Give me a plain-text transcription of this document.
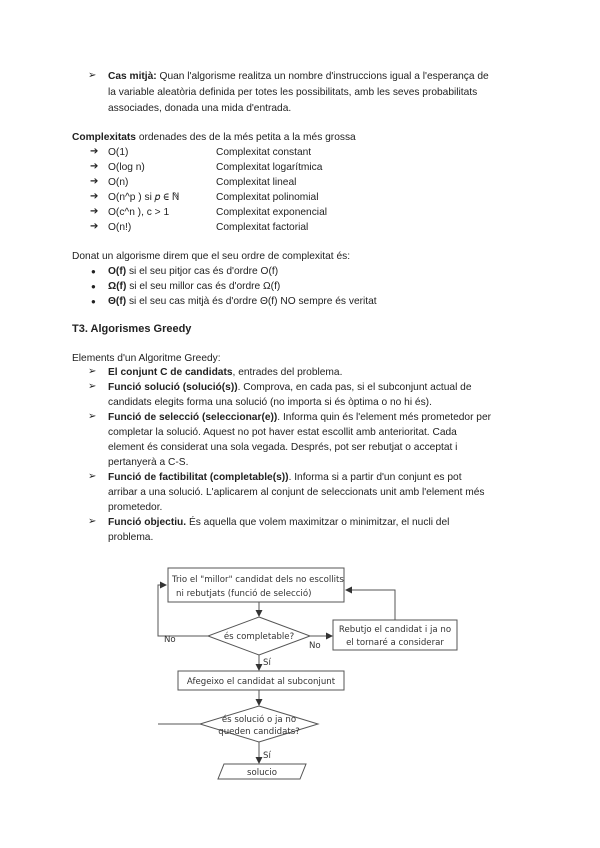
➢ Cas mitjà: Quan l'algorisme realitza un nombre d'instruccions igual a l'esperança de
la variable aleatòria definida per totes les possibilitats, amb les seves probabilitats
associades, donada una mida d'entrada.
Complexitats ordenades des de la més petita a la més grossa
➔ O(1)	Complexitat constant
➔ O(log n)	Complexitat logarítmica
➔ O(n)	Complexitat lineal
➔ O(n^p ) si 𝑝 ∈ ℕ	Complexitat polinomial
➔ O(c^n ), c > 1	Complexitat exponencial
➔ O(n!)	Complexitat factorial
Donat un algorisme direm que el seu ordre de complexitat és:
● O(f) si el seu pitjor cas és d'ordre O(f)
● Ω(f) si el seu millor cas és d'ordre Ω(f)
● Θ(f) si el seu cas mitjà és d'ordre Θ(f) NO sempre és veritat
T3. Algorismes Greedy
Elements d'un Algoritme Greedy:
➢ El conjunt C de candidats, entrades del problema.
➢ Funció solució (solució(s)). Comprova, en cada pas, si el subconjunt actual de
candidats elegits forma una solució (no importa si és òptima o no hi és).
➢ Funció de selecció (seleccionar(e)). Informa quin és l'element més prometedor per
completar la solució. Aquest no pot haver estat escollit amb anterioritat. Cada
element és considerat una sola vegada. Després, pot ser rebutjat o acceptat i
pertanyerà a C-S.
➢ Funció de factibilitat (completable(s)). Informa si a partir d'un conjunt es pot
arribar a una solució. L'aplicarem al conjunt de seleccionats unit amb l'element més
prometedor.
➢ Funció objectiu. És aquella que volem maximitzar o minimitzar, el nucli del
problema.
Trio el "millor" candidat dels no escollits
ni rebutjats (funció de selecció)
és completable?
Rebutjo el candidat i ja no
el tornaré a considerar
No
No
Sí
Afegeixo el candidat al subconjunt
és solució o ja no
queden candidats?
Sí
solucio
